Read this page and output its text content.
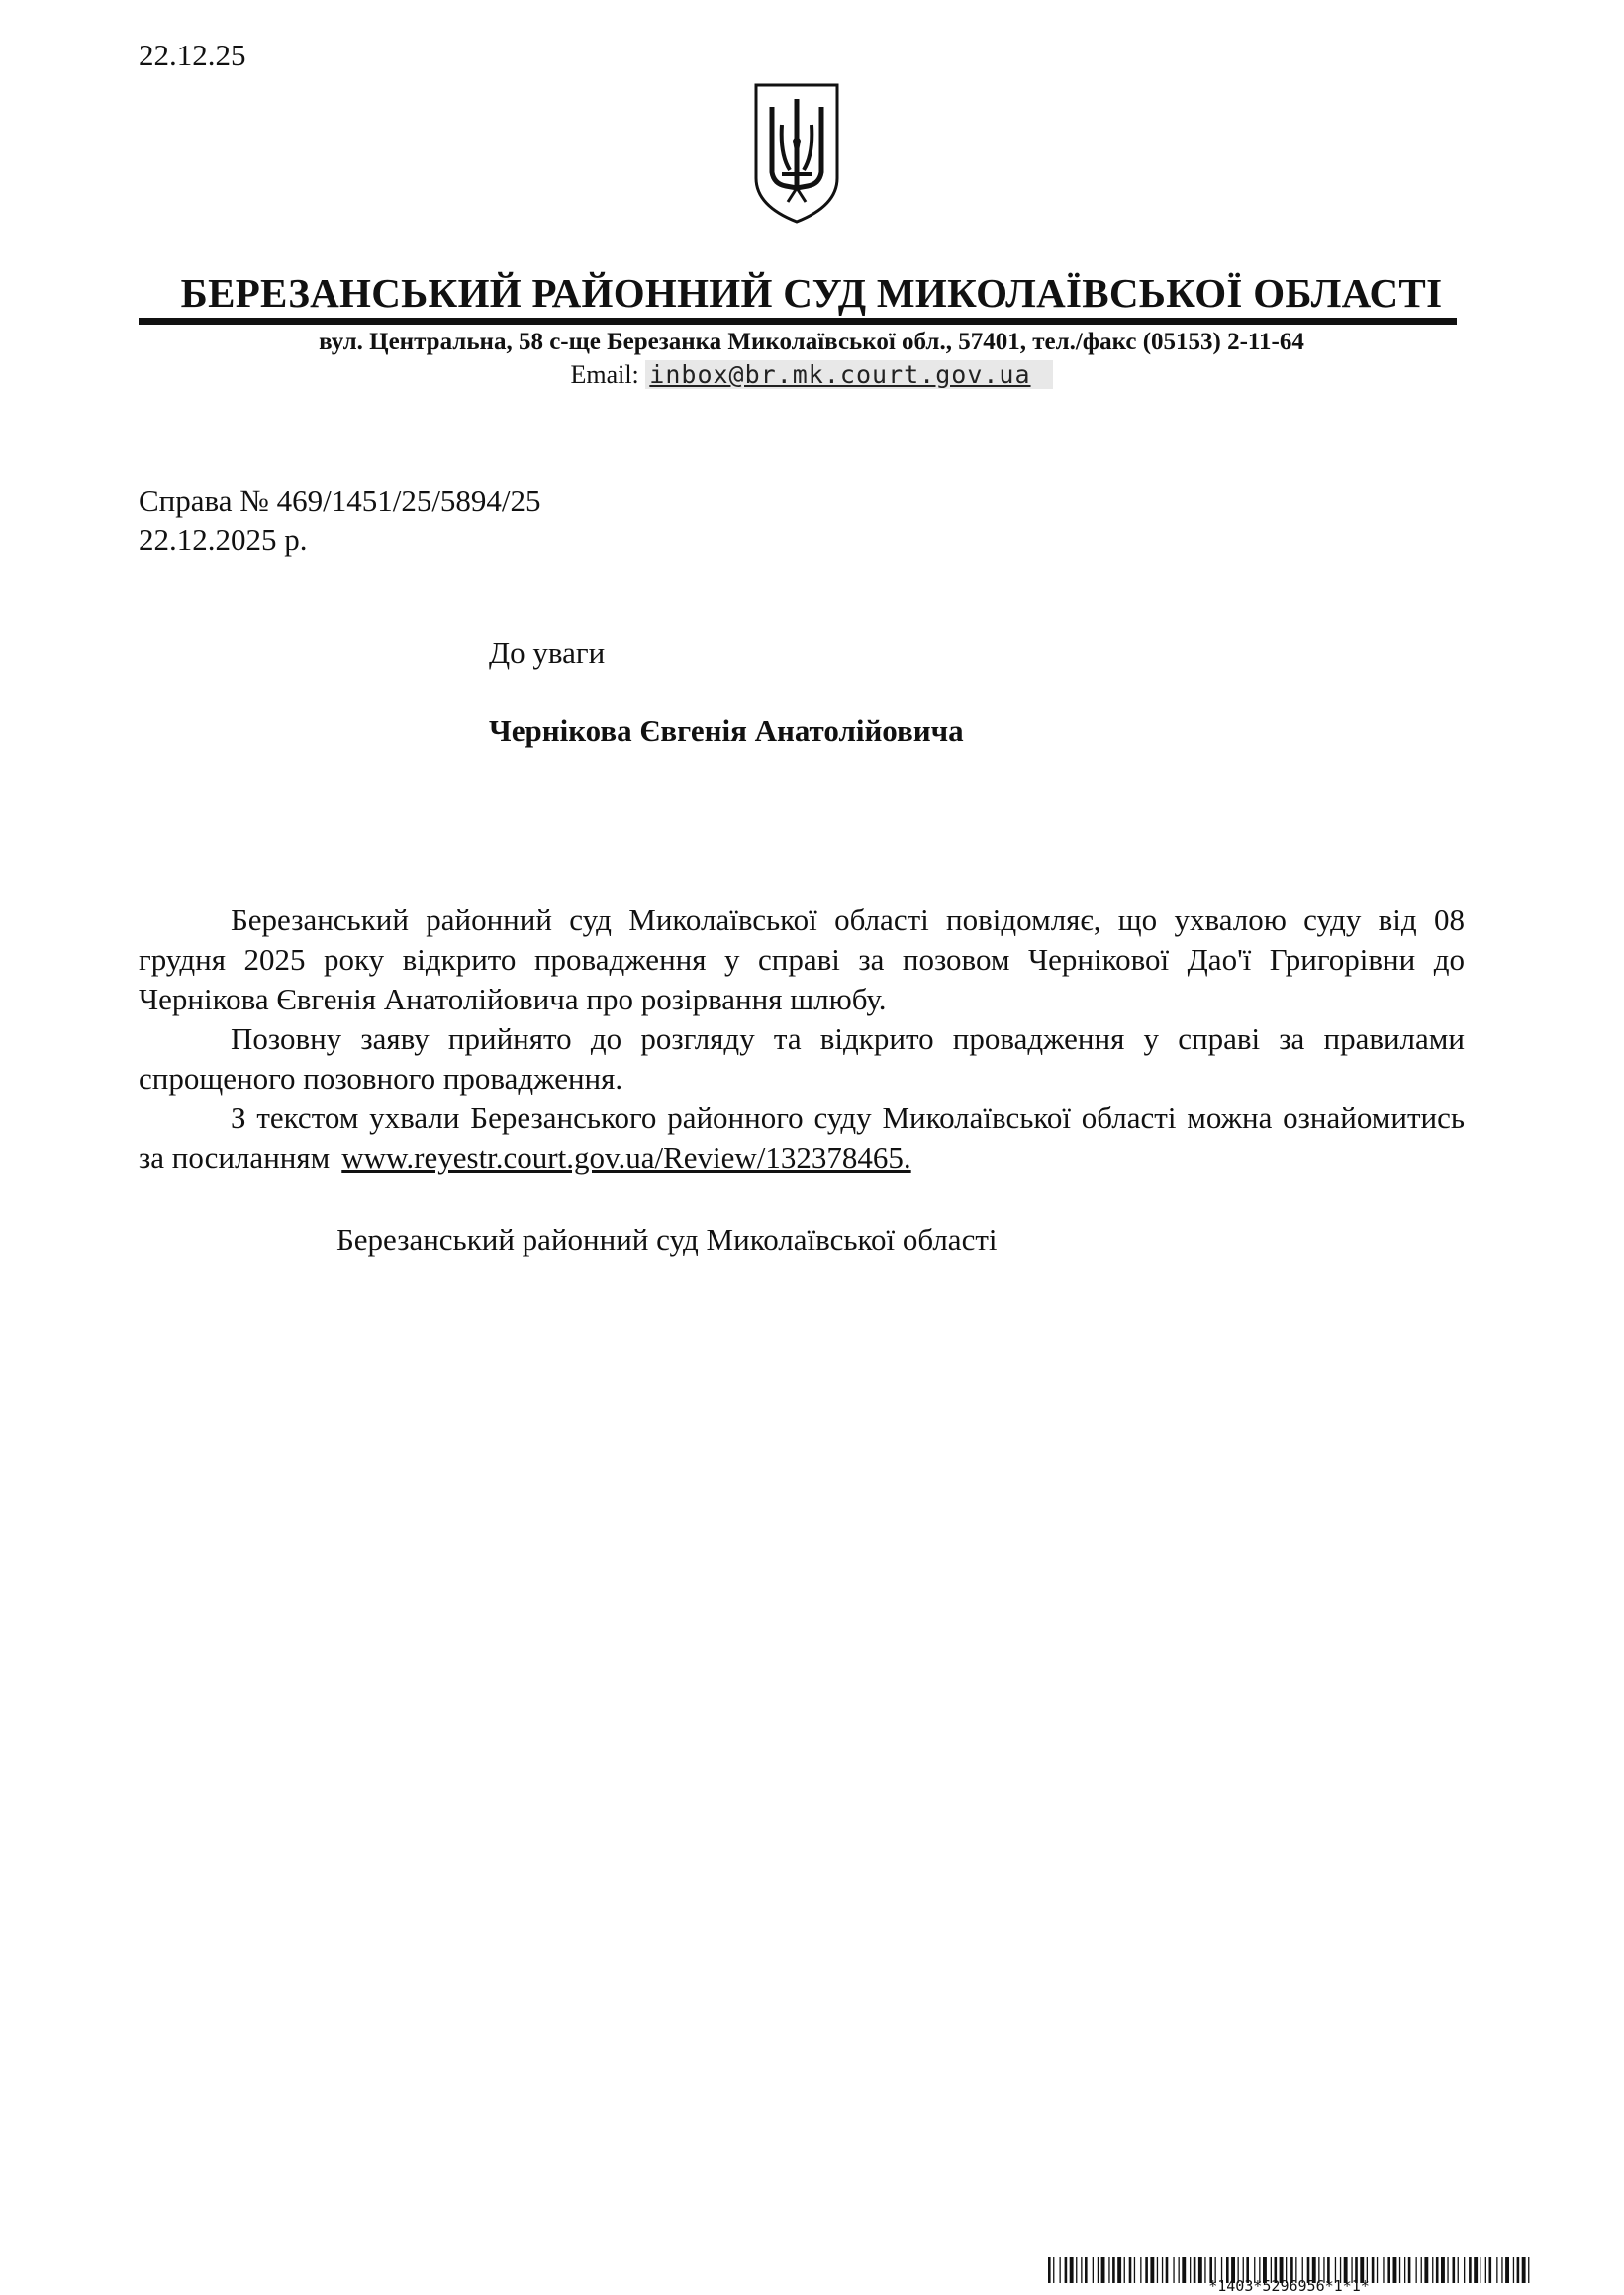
22.12.25
БЕРЕЗАНСЬКИЙ РАЙОННИЙ СУД МИКОЛАЇВСЬКОЇ ОБЛАСТІ
вул. Центральна, 58 с-ще Березанка Миколаївської обл., 57401, тел./факс (05153) 2-11-64
Email: inbox@br.mk.court.gov.ua
Справа № 469/1451/25/5894/25
22.12.2025 р.
До уваги
Чернікова Євгенія Анатолійовича

Березанський районний суд Миколаївської області повідомляє, що ухвалою суду від 08 грудня 2025 року відкрито провадження у справі за позовом Чернікової Дао'ї Григорівни до Чернікова Євгенія Анатолійовича про розірвання шлюбу.

Позовну заяву прийнято до розгляду та відкрито провадження у справі за правилами спрощеного позовного провадження.

З текстом ухвали Березанського районного суду Миколаївської області можна ознайомитись за посиланням www.reyestr.court.gov.ua/Review/132378465.

Березанський районний суд Миколаївської області
*1403*5296956*1*1*
